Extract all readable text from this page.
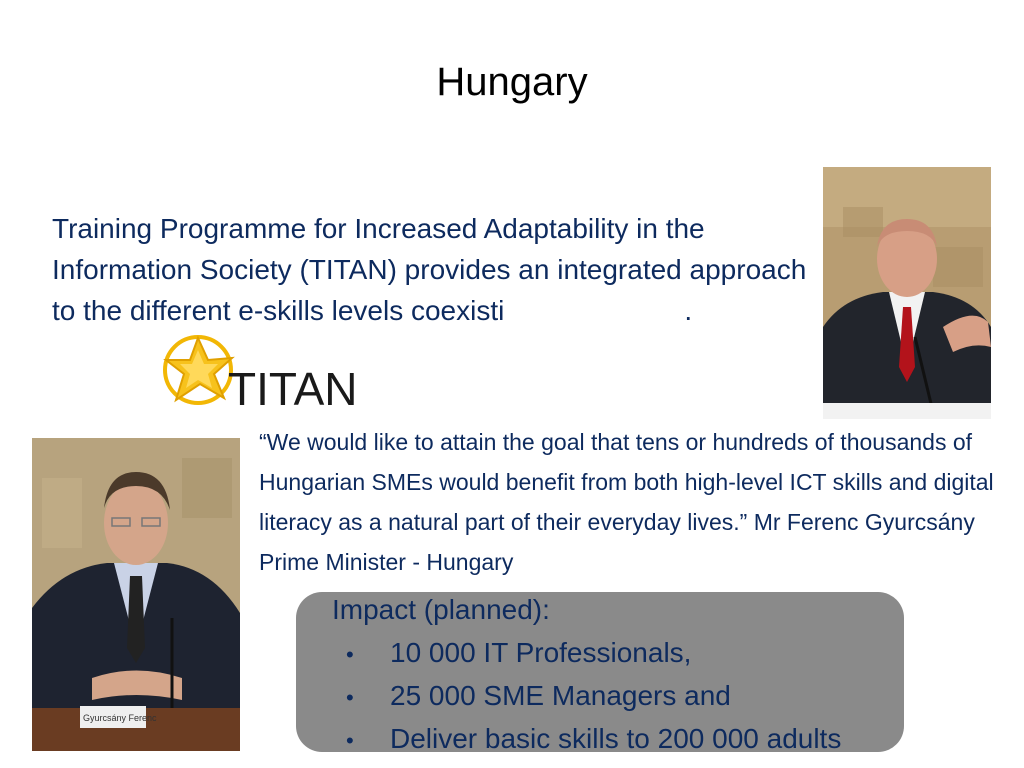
Hungary
Training Programme for Increased Adaptability in the Information Society (TITAN) provides an integrated approach to the different e-skills levels coexisti	.
TITAN
Gyurcsány Ferenc
“We would like to attain the goal that tens or hundreds of thousands of Hungarian SMEs would benefit from both high-level ICT skills and digital literacy as a natural part of their everyday lives.” Mr Ferenc Gyurcsány Prime Minister - Hungary
Impact (planned):
• 10 000 IT Professionals,
• 25 000 SME Managers and
• Deliver basic skills to 200 000 adults
